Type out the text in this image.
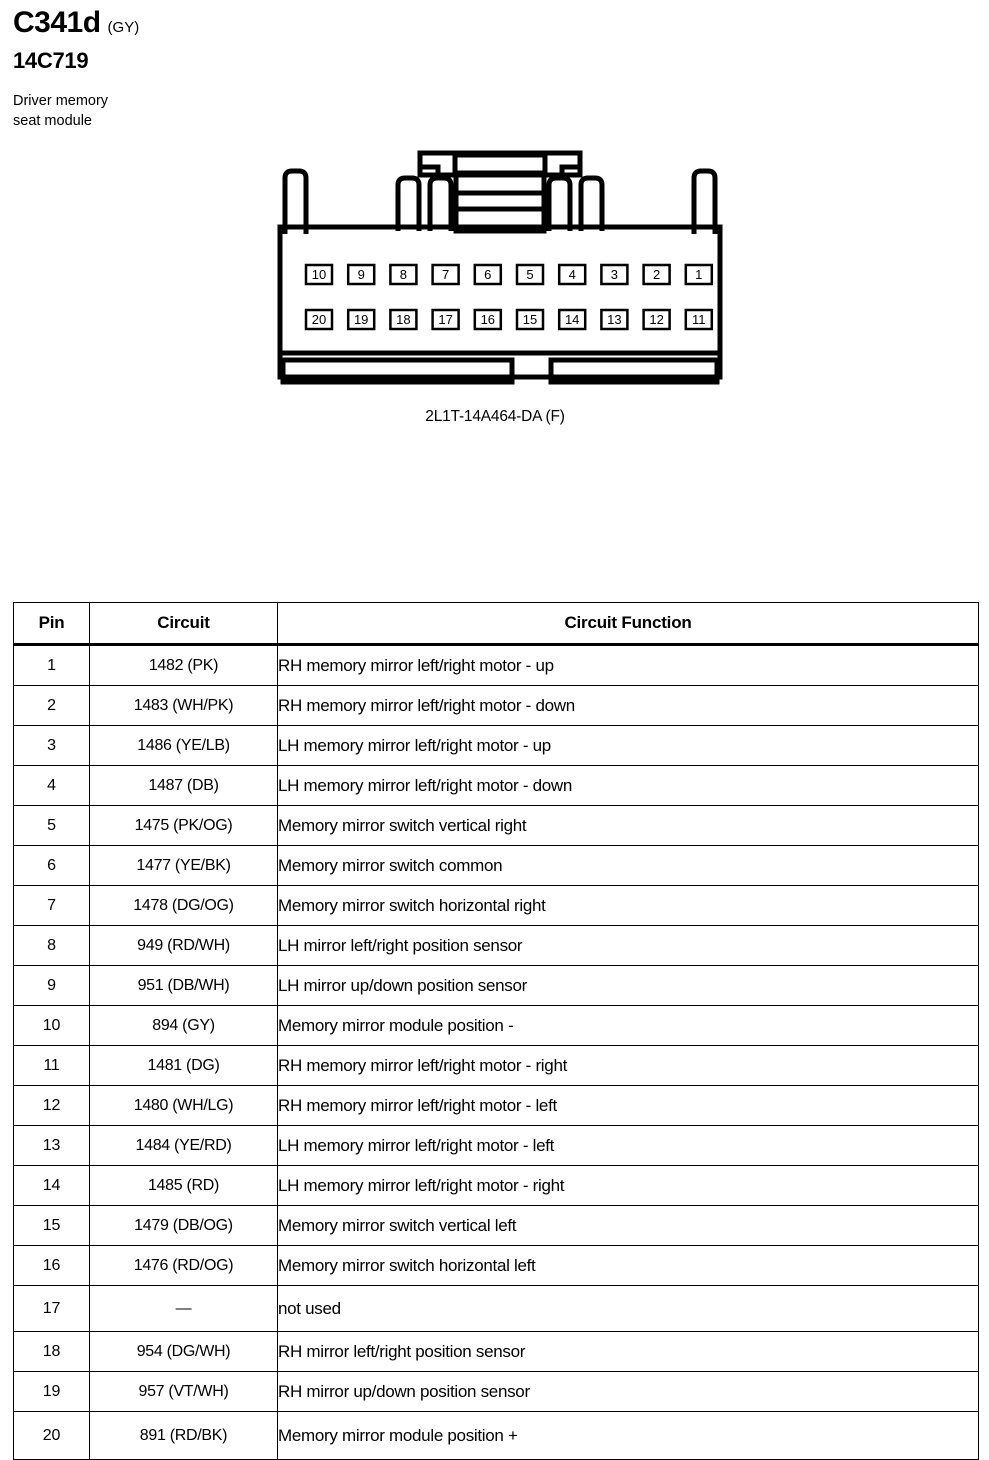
C341d (GY)
14C719
Driver memory
seat module
10 9	8	7	6	5	4	3	2	1
20 19 18 17 16 15 14 13 12 11
2L1T-14A464-DA (F)
Pin	Circuit	Circuit Function
1	1482 (PK)	RH memory mirror left/right motor - up
2	1483 (WH/PK)	RH memory mirror left/right motor - down
3	1486 (YE/LB)	LH memory mirror left/right motor - up
4	1487 (DB)	LH memory mirror left/right motor - down
5	1475 (PK/OG)	Memory mirror switch vertical right
6	1477 (YE/BK)	Memory mirror switch common
7	1478 (DG/OG)	Memory mirror switch horizontal right
8	949 (RD/WH)	LH mirror left/right position sensor
9	951 (DB/WH)	LH mirror up/down position sensor
10	894 (GY)	Memory mirror module position -
11	1481 (DG)	RH memory mirror left/right motor - right
12	1480 (WH/LG)	RH memory mirror left/right motor - left
13	1484 (YE/RD)	LH memory mirror left/right motor - left
14	1485 (RD)	LH memory mirror left/right motor - right
15	1479 (DB/OG)	Memory mirror switch vertical left
16	1476 (RD/OG)	Memory mirror switch horizontal left
17	—	not used
18	954 (DG/WH)	RH mirror left/right position sensor
19	957 (VT/WH)	RH mirror up/down position sensor
20	891 (RD/BK)	Memory mirror module position +
